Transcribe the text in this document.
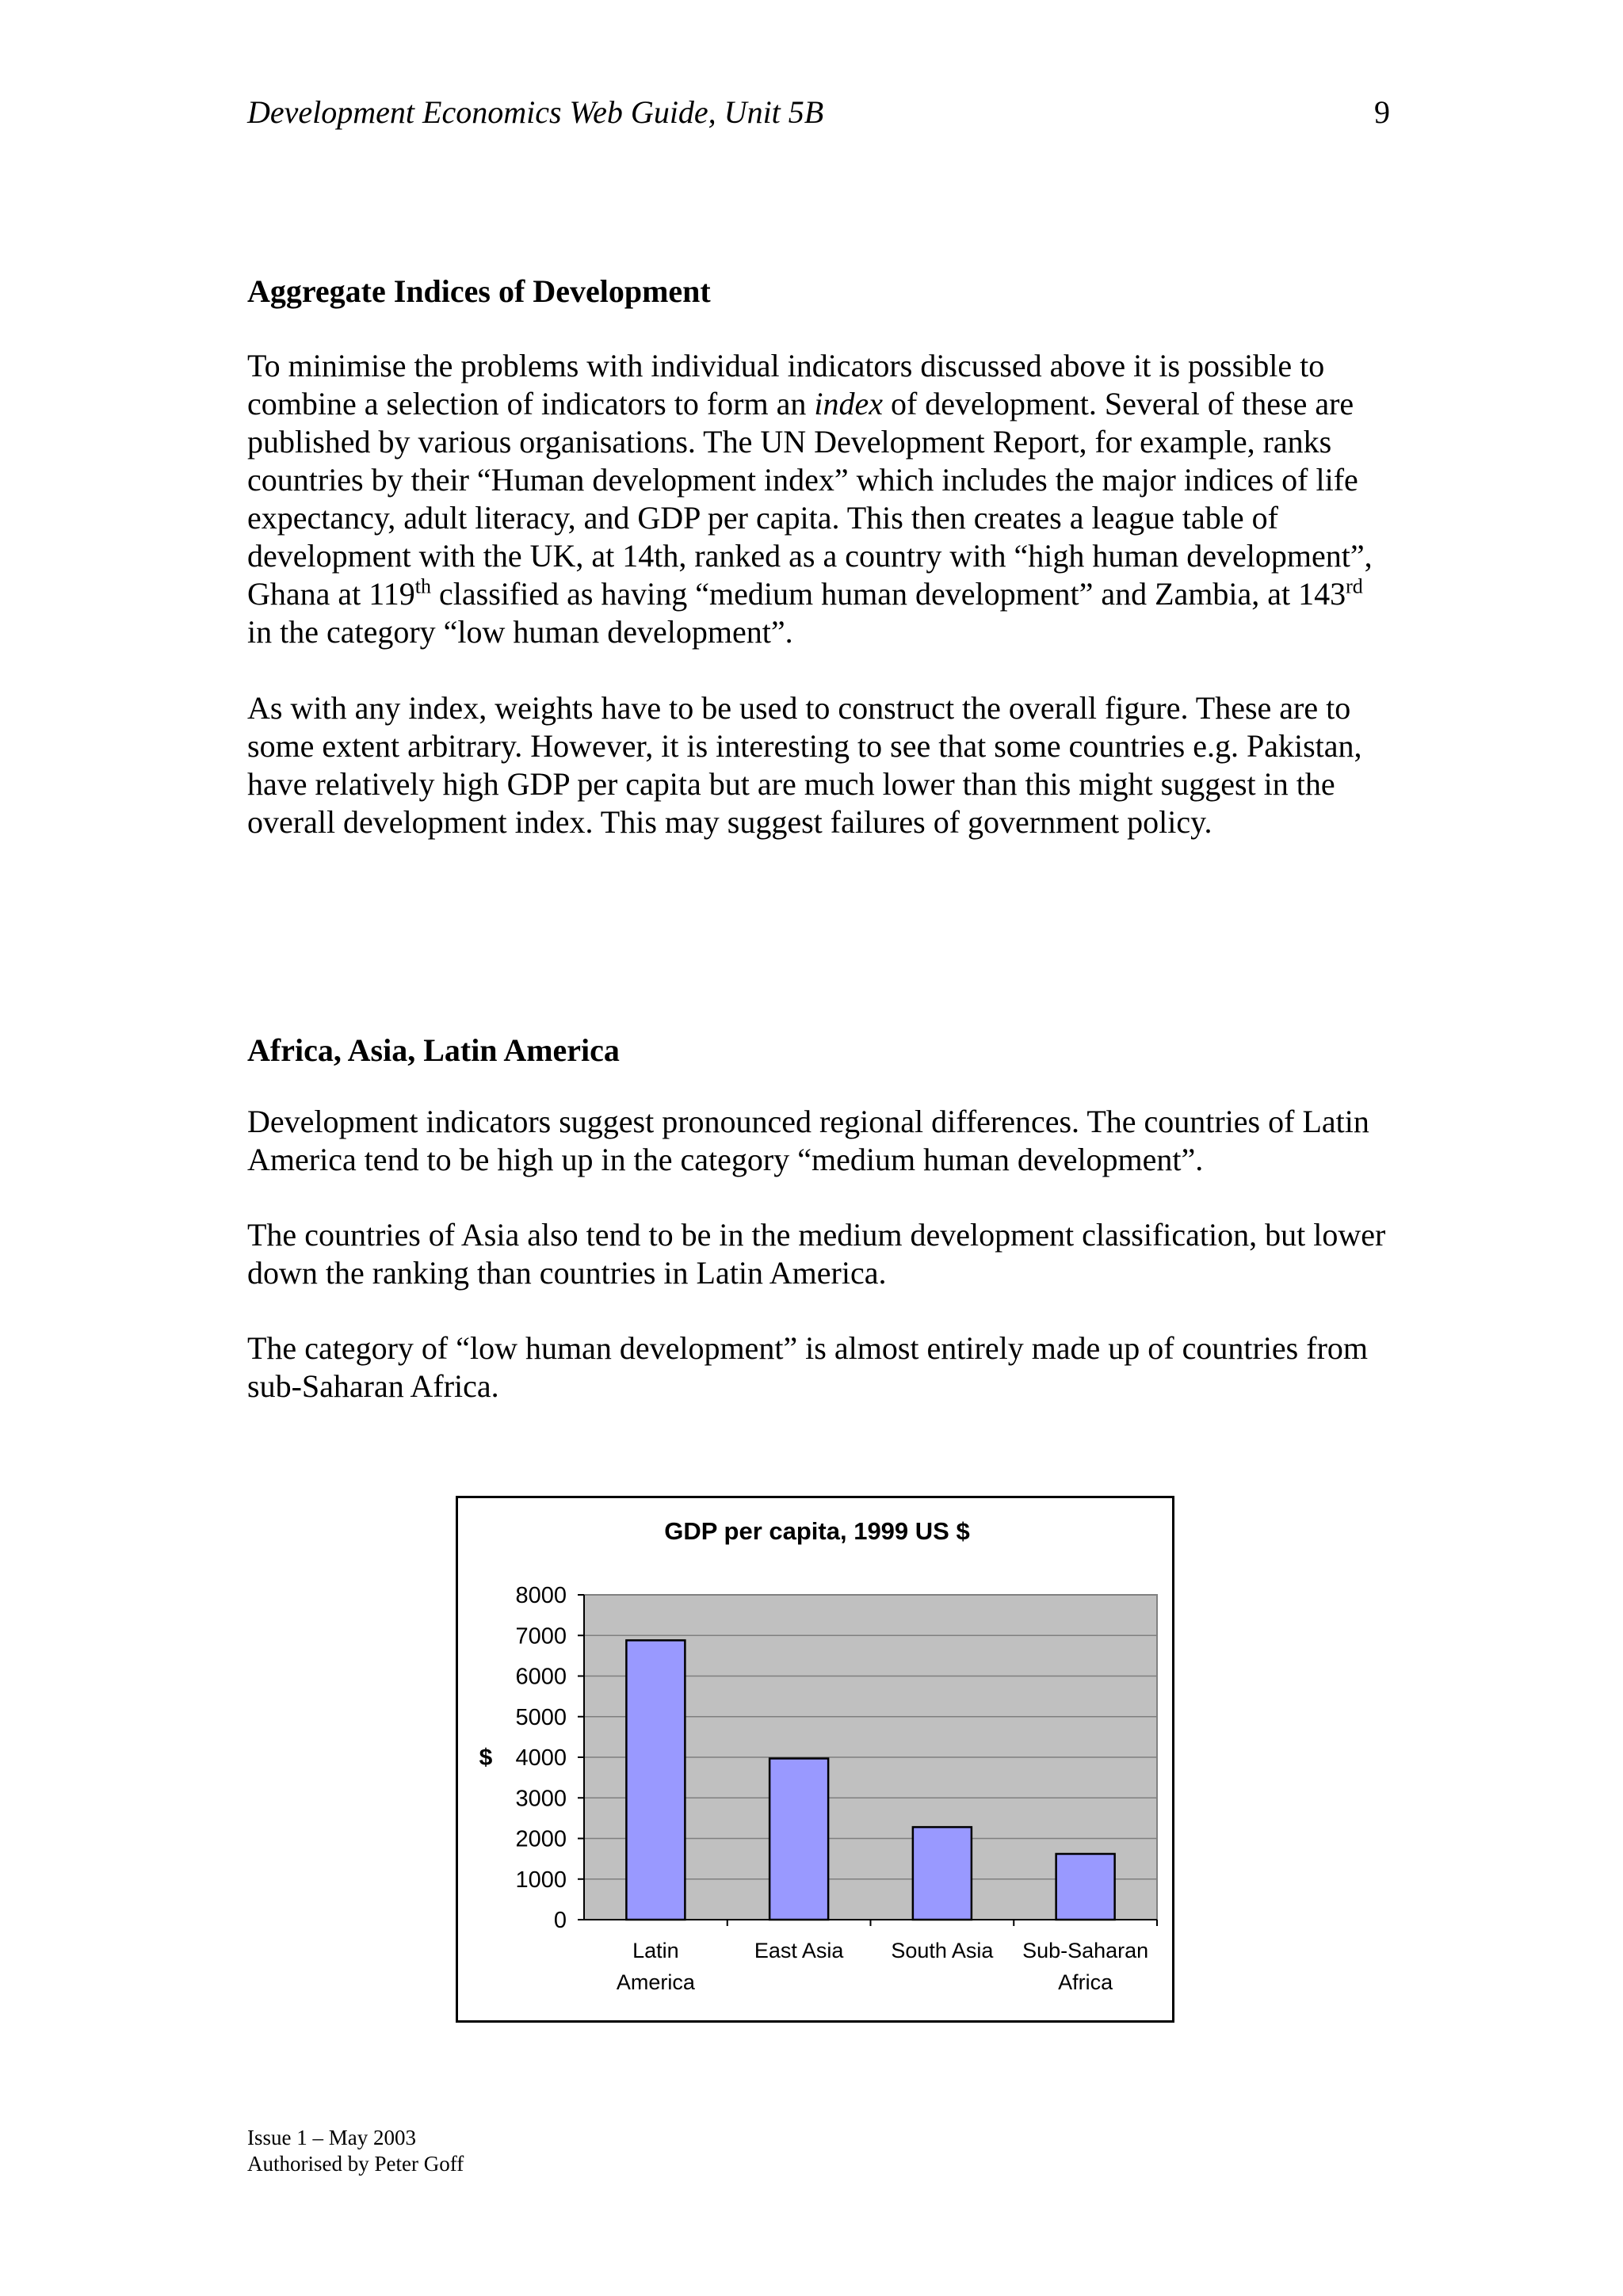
Development Economics Web Guide, Unit 5B	9
Aggregate Indices of Development

To minimise the problems with individual indicators discussed above it is possible to combine a selection of indicators to form an index of development. Several of these are published by various organisations. The UN Development Report, for example, ranks countries by their “Human development index” which includes the major indices of life expectancy, adult literacy, and GDP per capita. This then creates a league table of development with the UK, at 14th, ranked as a country with “high human development”, Ghana at 119th classified as having “medium human development” and Zambia, at 143rd in the category “low human development”.

As with any index, weights have to be used to construct the overall figure. These are to some extent arbitrary. However, it is interesting to see that some countries e.g. Pakistan, have relatively high GDP per capita but are much lower than this might suggest in the overall development index. This may suggest failures of government policy.

Africa, Asia, Latin America

Development indicators suggest pronounced regional differences. The countries of Latin America tend to be high up in the category “medium human development”.

The countries of Asia also tend to be in the medium development classification, but lower down the ranking than countries in Latin America.

The category of “low human development” is almost entirely made up of countries from sub-Saharan Africa.

GDP per capita, 1999 US $
0
1000
2000
3000
4000
5000
6000
7000
8000
$
Latin
America
East Asia South Asia Sub-Saharan
Africa
Issue 1 – May 2003
Authorised by Peter Goff
